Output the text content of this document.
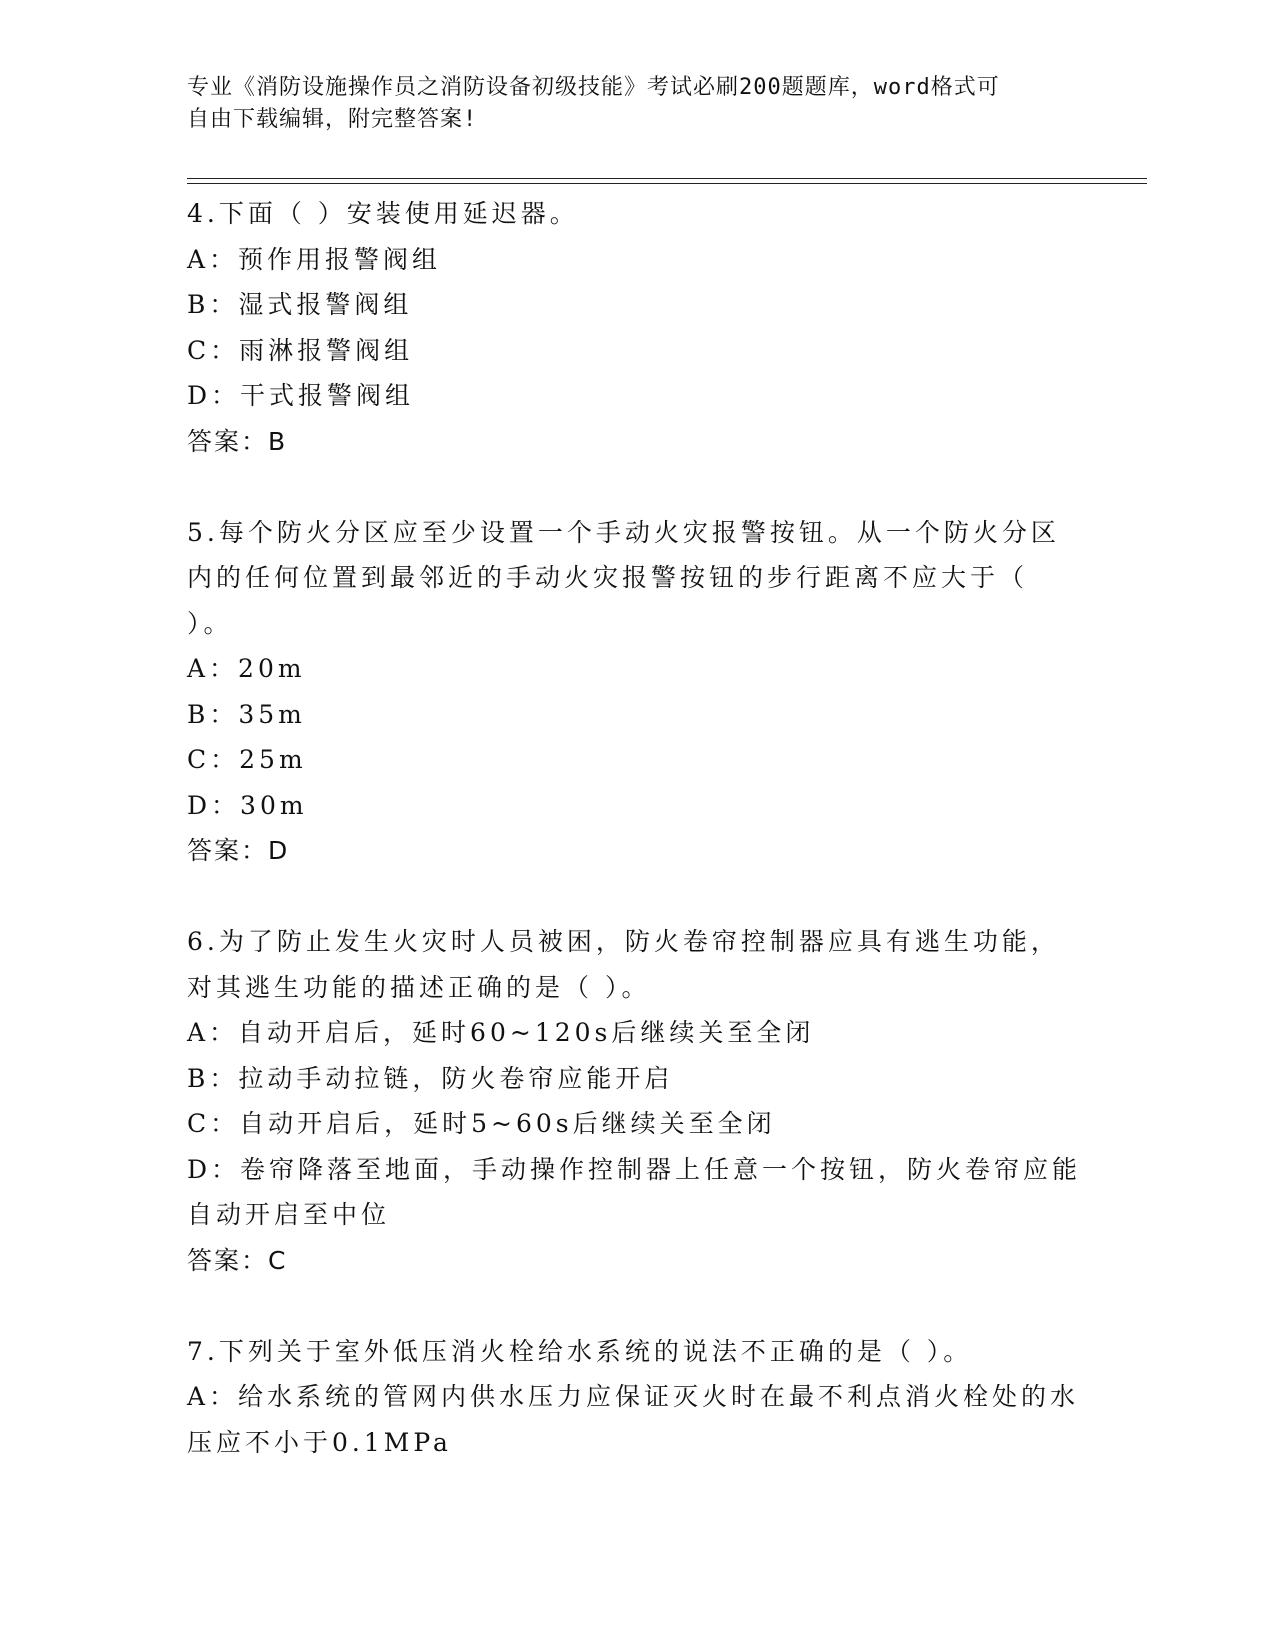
专业《消防设施操作员之消防设备初级技能》考试必刷200题题库，word格式可
自由下载编辑，附完整答案!
4.下面（ ）安装使用延迟器。
A：预作用报警阀组
B：湿式报警阀组
C：雨淋报警阀组
D：干式报警阀组
答案：B
5.每个防火分区应至少设置一个手动火灾报警按钮。从一个防火分区
内的任何位置到最邻近的手动火灾报警按钮的步行距离不应大于（
）。
A：20m
B：35m
C：25m
D：30m
答案：D
6.为了防止发生火灾时人员被困，防火卷帘控制器应具有逃生功能，
对其逃生功能的描述正确的是（ ）。
A：自动开启后，延时60~120s后继续关至全闭
B：拉动手动拉链，防火卷帘应能开启
C：自动开启后，延时5~60s后继续关至全闭
D：卷帘降落至地面，手动操作控制器上任意一个按钮，防火卷帘应能
自动开启至中位
答案：C
7.下列关于室外低压消火栓给水系统的说法不正确的是（ ）。
A：给水系统的管网内供水压力应保证灭火时在最不利点消火栓处的水
压应不小于0.1MPa
